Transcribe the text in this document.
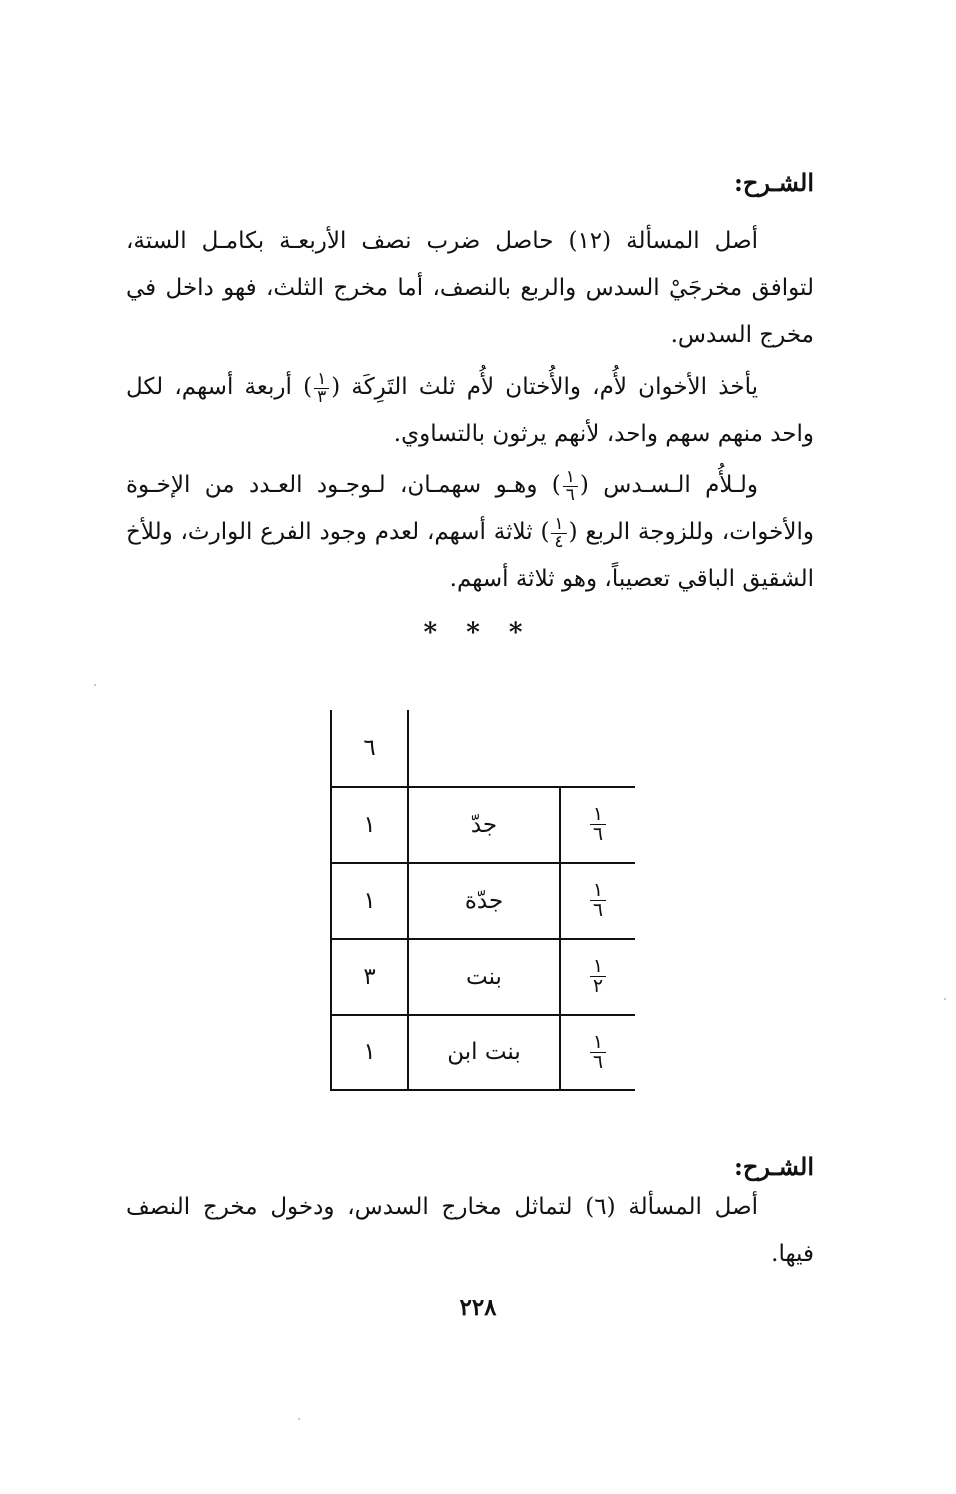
الشـرح:
أصل المسألة (١٢) حاصل ضرب نصف الأربعـة بكامـل الستة، لتوافق مخرجَيْ السدس والربع بالنصف، أما مخرج الثلث، فهو داخل في مخرج السدس.
يأخذ الأخوان لأُم، والأُختان لأُم ثلث التَرِكَة (
$\frac{١}{٣}$
) أربعة أسهم، لكل واحد منهم سهم واحد، لأنهم يرثون بالتساوي.
ولـلأُم الـسـدس (
$\frac{١}{٦}$
) وهـو سهمـان، لـوجـود العـدد من الإخـوة والأخوات، وللزوجة الربع (
$\frac{١}{٤}$
) ثلاثة أسهم، لعدم وجود الفرع الوارث، وللأخ الشقيق الباقي تعصيباً، وهو ثلاثة أسهم.
* * *
٦
١	جدّ	$\frac{١}{٦}$
١	جدّة	$\frac{١}{٦}$
٣	بنت	$\frac{١}{٢}$
١	بنت ابن	$\frac{١}{٦}$
الشـرح:
أصل المسألة (٦) لتماثل مخارج السدس، ودخول مخرج النصف فيها.
٢٢٨
